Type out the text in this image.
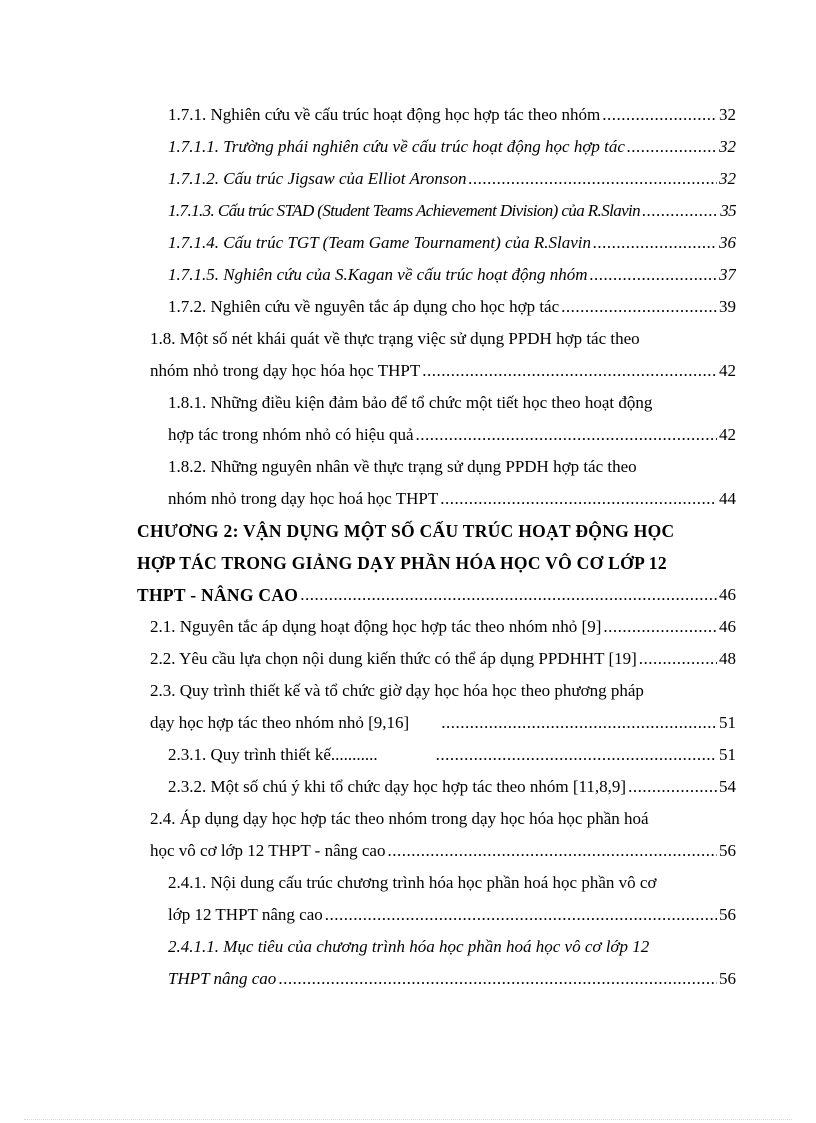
1.7.1. Nghiên cứu về cấu trúc hoạt động học hợp tác theo nhóm .....	32
1.7.1.1. Trường phái nghiên cứu về cấu trúc hoạt động học hợp tác .....	32
1.7.1.2. Cấu trúc Jigsaw của Elliot Aronson .....	32
1.7.1.3. Cấu trúc STAD (Student Teams Achievement Division) của R.Slavin .....	35
1.7.1.4. Cấu trúc TGT (Team Game Tournament) của R.Slavin .....	36
1.7.1.5. Nghiên cứu của S.Kagan về cấu trúc hoạt động nhóm .....	37
1.7.2. Nghiên cứu về nguyên tắc áp dụng cho học hợp tác .....	39
1.8. Một số nét khái quát về thực trạng việc sử dụng PPDH hợp tác theo
nhóm nhỏ trong dạy học hóa học THPT .....	42
1.8.1. Những điều kiện đảm bảo để tổ chức một tiết học theo hoạt động
hợp tác trong nhóm nhỏ có hiệu quả .....	42
1.8.2. Những nguyên nhân về thực trạng sử dụng PPDH hợp tác theo
nhóm nhỏ trong dạy học hoá học THPT .....	44
CHƯƠNG 2: VẬN DỤNG MỘT SỐ CẤU TRÚC HOẠT ĐỘNG HỌC
HỢP TÁC TRONG GIẢNG DẠY PHẦN HÓA HỌC VÔ CƠ LỚP 12
THPT - NÂNG CAO .....	46
2.1. Nguyên tắc áp dụng hoạt động học hợp tác theo nhóm nhỏ [9] .....	46
2.2. Yêu cầu lựa chọn nội dung kiến thức có thể áp dụng PPDHHT [19] .....	48
2.3. Quy trình thiết kế và tổ chức giờ dạy học hóa học theo phương pháp
dạy học hợp tác theo nhóm nhỏ [9,16] .....	51
2.3.1. Quy trình thiết kế........... .....	51
2.3.2. Một số chú ý khi tổ chức dạy học hợp tác theo nhóm [11,8,9] .....	54
2.4. Áp dụng dạy học hợp tác theo nhóm trong dạy học hóa học phần hoá
học vô cơ lớp 12 THPT - nâng cao .....	56
2.4.1. Nội dung cấu trúc chương trình hóa học phần hoá học phần vô cơ
lớp 12 THPT nâng cao .....	56
2.4.1.1. Mục tiêu của chương trình hóa học phần hoá học vô cơ lớp 12
THPT nâng cao .....	56
